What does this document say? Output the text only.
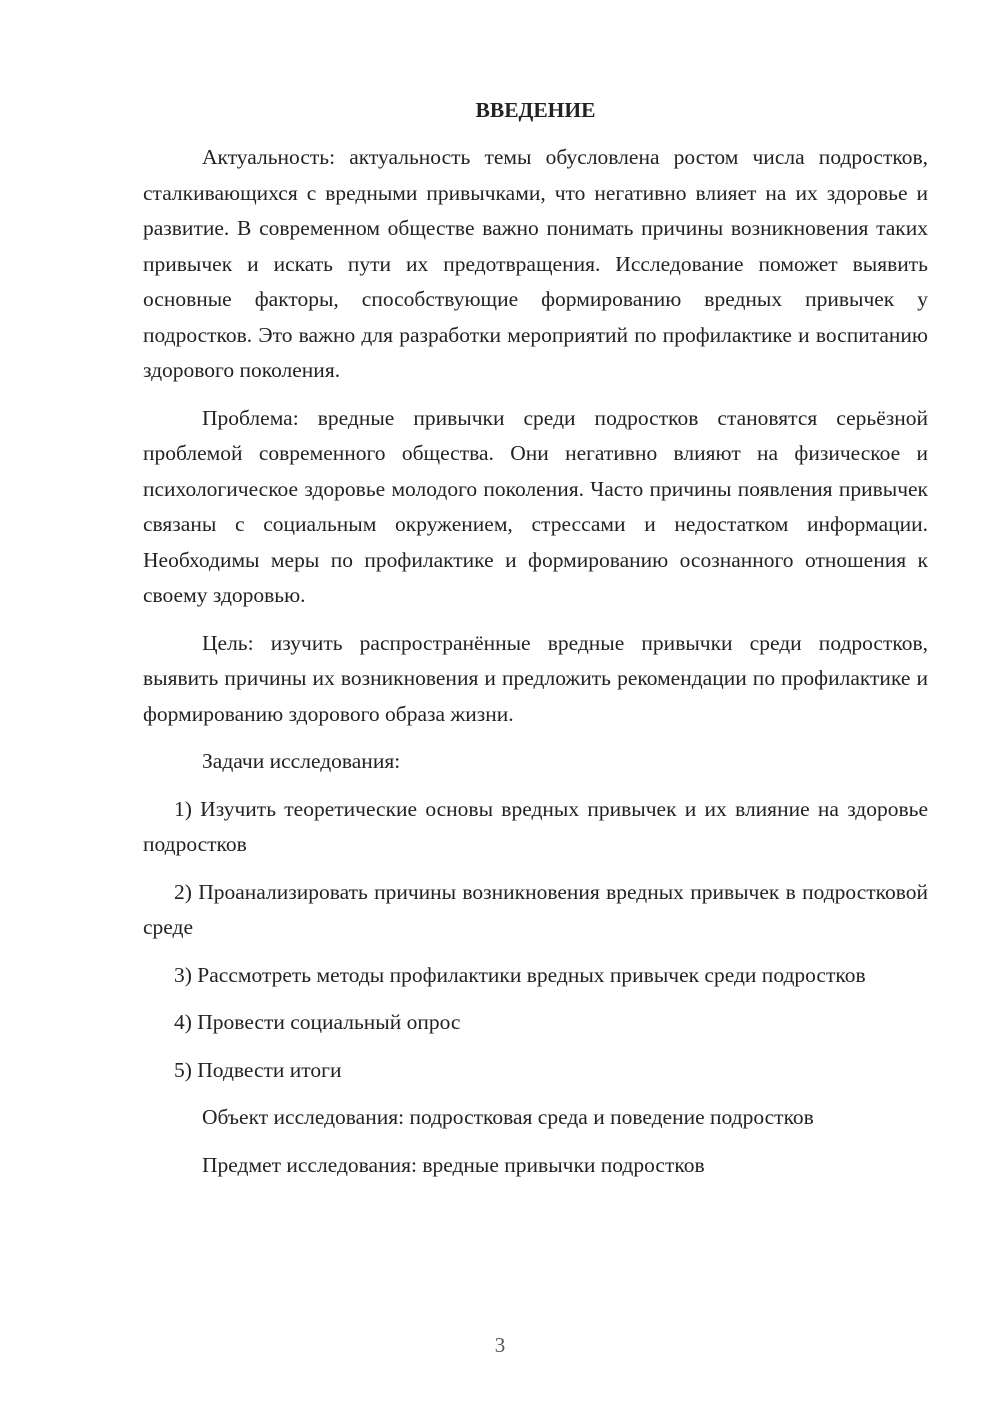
ВВЕДЕНИЕ

Актуальность: актуальность темы обусловлена ростом числа подростков, сталкивающихся с вредными привычками, что негативно влияет на их здоровье и развитие. В современном обществе важно понимать причины возникновения таких привычек и искать пути их предотвращения. Исследование поможет выявить основные факторы, способствующие формированию вредных привычек у подростков. Это важно для разработки мероприятий по профилактике и воспитанию здорового поколения.

Проблема: вредные привычки среди подростков становятся серьёзной проблемой современного общества. Они негативно влияют на физическое и психологическое здоровье молодого поколения. Часто причины появления привычек связаны с социальным окружением, стрессами и недостатком информации. Необходимы меры по профилактике и формированию осознанного отношения к своему здоровью.

Цель: изучить распространённые вредные привычки среди подростков, выявить причины их возникновения и предложить рекомендации по профилактике и формированию здорового образа жизни.

Задачи исследования:

1) Изучить теоретические основы вредных привычек и их влияние на здоровье подростков

2) Проанализировать причины возникновения вредных привычек в подростковой среде

3) Рассмотреть методы профилактики вредных привычек среди подростков

4) Провести социальный опрос

5) Подвести итоги

Объект исследования: подростковая среда и поведение подростков

Предмет исследования: вредные привычки подростков

3
